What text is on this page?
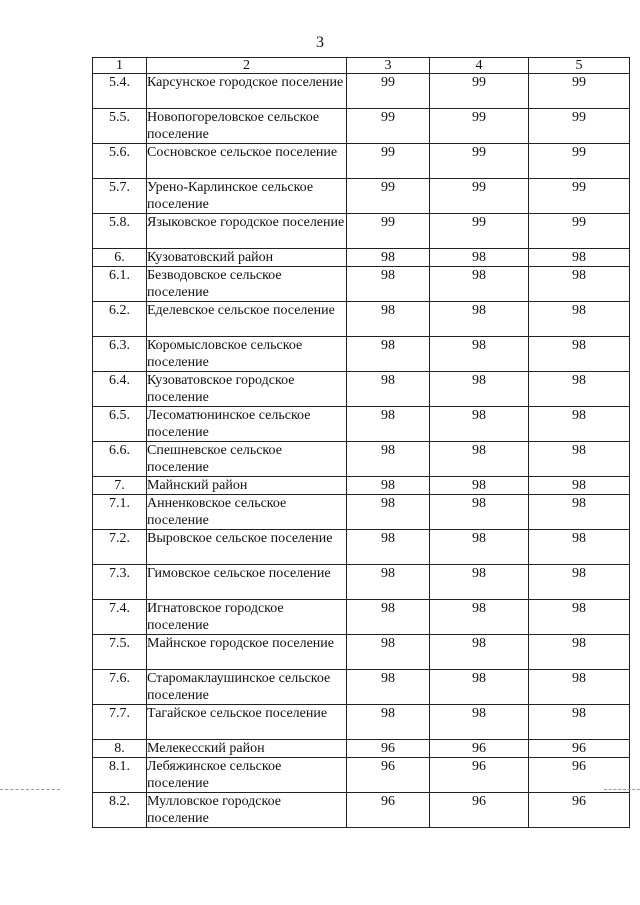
3
1	2	3	4	5
5.4.	Карсунское городское поселение	99	99	99
5.5.	Новопогореловское сельское поселение	99	99	99
5.6.	Сосновское сельское поселение	99	99	99
5.7.	Урено-Карлинское сельское поселение	99	99	99
5.8.	Языковское городское поселение	99	99	99
6.	Кузоватовский район	98	98	98
6.1.	Безводовское сельское поселение	98	98	98
6.2.	Еделевское сельское поселение	98	98	98
6.3.	Коромысловское сельское поселение	98	98	98
6.4.	Кузоватовское городское поселение	98	98	98
6.5.	Лесоматюнинское сельское поселение	98	98	98
6.6.	Спешневское сельское поселение	98	98	98
7.	Майнский район	98	98	98
7.1.	Анненковское сельское поселение	98	98	98
7.2.	Выровское сельское поселение	98	98	98
7.3.	Гимовское сельское поселение	98	98	98
7.4.	Игнатовское городское поселение	98	98	98
7.5.	Майнское городское поселение	98	98	98
7.6.	Старомаклаушинское сельское поселение	98	98	98
7.7.	Тагайское сельское поселение	98	98	98
8.	Мелекесский район	96	96	96
8.1.	Лебяжинское сельское поселение	96	96	96
8.2.	Мулловское городское поселение	96	96	96
